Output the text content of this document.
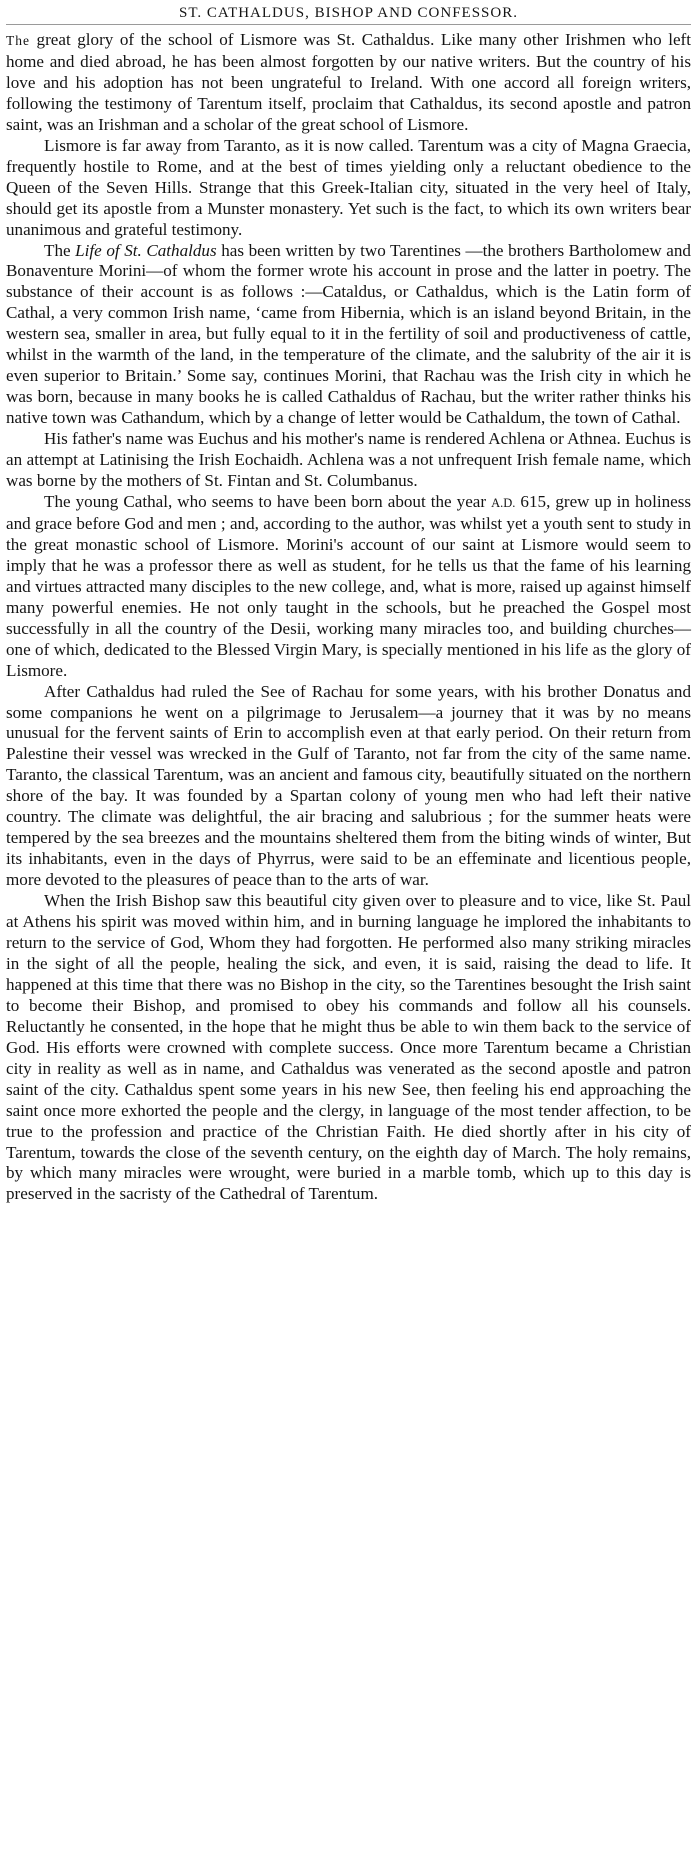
ST. CATHALDUS, BISHOP AND CONFESSOR.

The great glory of the school of Lismore was St. Cathaldus. Like many other Irishmen who left home and died abroad, he has been almost forgotten by our native writers. But the country of his love and his adoption has not been ungrateful to Ireland. With one accord all foreign writers, following the testimony of Tarentum itself, proclaim that Cathaldus, its second apostle and patron saint, was an Irishman and a scholar of the great school of Lismore.

Lismore is far away from Taranto, as it is now called. Tarentum was a city of Magna Graecia, frequently hostile to Rome, and at the best of times yielding only a reluctant obedience to the Queen of the Seven Hills. Strange that this Greek-Italian city, situated in the very heel of Italy, should get its apostle from a Munster monastery. Yet such is the fact, to which its own writers bear unanimous and grateful testimony.

The Life of St. Cathaldus has been written by two Tarentines —the brothers Bartholomew and Bonaventure Morini—of whom the former wrote his account in prose and the latter in poetry. The substance of their account is as follows :—Cataldus, or Cathaldus, which is the Latin form of Cathal, a very common Irish name, ‘came from Hibernia, which is an island beyond Britain, in the western sea, smaller in area, but fully equal to it in the fertility of soil and productiveness of cattle, whilst in the warmth of the land, in the temperature of the climate, and the salubrity of the air it is even superior to Britain.’ Some say, continues Morini, that Rachau was the Irish city in which he was born, because in many books he is called Cathaldus of Rachau, but the writer rather thinks his native town was Cathandum, which by a change of letter would be Cathaldum, the town of Cathal.

His father's name was Euchus and his mother's name is rendered Achlena or Athnea. Euchus is an attempt at Latinising the Irish Eochaidh. Achlena was a not unfrequent Irish female name, which was borne by the mothers of St. Fintan and St. Columbanus.

The young Cathal, who seems to have been born about the year A.D. 615, grew up in holiness and grace before God and men ; and, according to the author, was whilst yet a youth sent to study in the great monastic school of Lismore. Morini's account of our saint at Lismore would seem to imply that he was a professor there as well as student, for he tells us that the fame of his learning and virtues attracted many disciples to the new college, and, what is more, raised up against himself many powerful enemies. He not only taught in the schools, but he preached the Gospel most successfully in all the country of the Desii, working many miracles too, and building churches—one of which, dedicated to the Blessed Virgin Mary, is specially mentioned in his life as the glory of Lismore.

After Cathaldus had ruled the See of Rachau for some years, with his brother Donatus and some companions he went on a pilgrimage to Jerusalem—a journey that it was by no means unusual for the fervent saints of Erin to accomplish even at that early period. On their return from Palestine their vessel was wrecked in the Gulf of Taranto, not far from the city of the same name. Taranto, the classical Tarentum, was an ancient and famous city, beautifully situated on the northern shore of the bay. It was founded by a Spartan colony of young men who had left their native country. The climate was delightful, the air bracing and salubrious ; for the summer heats were tempered by the sea breezes and the mountains sheltered them from the biting winds of winter, But its inhabitants, even in the days of Phyrrus, were said to be an effeminate and licentious people, more devoted to the pleasures of peace than to the arts of war.

When the Irish Bishop saw this beautiful city given over to pleasure and to vice, like St. Paul at Athens his spirit was moved within him, and in burning language he implored the inhabitants to return to the service of God, Whom they had forgotten. He performed also many striking miracles in the sight of all the people, healing the sick, and even, it is said, raising the dead to life. It happened at this time that there was no Bishop in the city, so the Tarentines besought the Irish saint to become their Bishop, and promised to obey his commands and follow all his counsels. Reluctantly he consented, in the hope that he might thus be able to win them back to the service of God. His efforts were crowned with complete success. Once more Tarentum became a Christian city in reality as well as in name, and Cathaldus was venerated as the second apostle and patron saint of the city. Cathaldus spent some years in his new See, then feeling his end approaching the saint once more exhorted the people and the clergy, in language of the most tender affection, to be true to the profession and practice of the Christian Faith. He died shortly after in his city of Tarentum, towards the close of the seventh century, on the eighth day of March. The holy remains, by which many miracles were wrought, were buried in a marble tomb, which up to this day is preserved in the sacristy of the Cathedral of Tarentum.
